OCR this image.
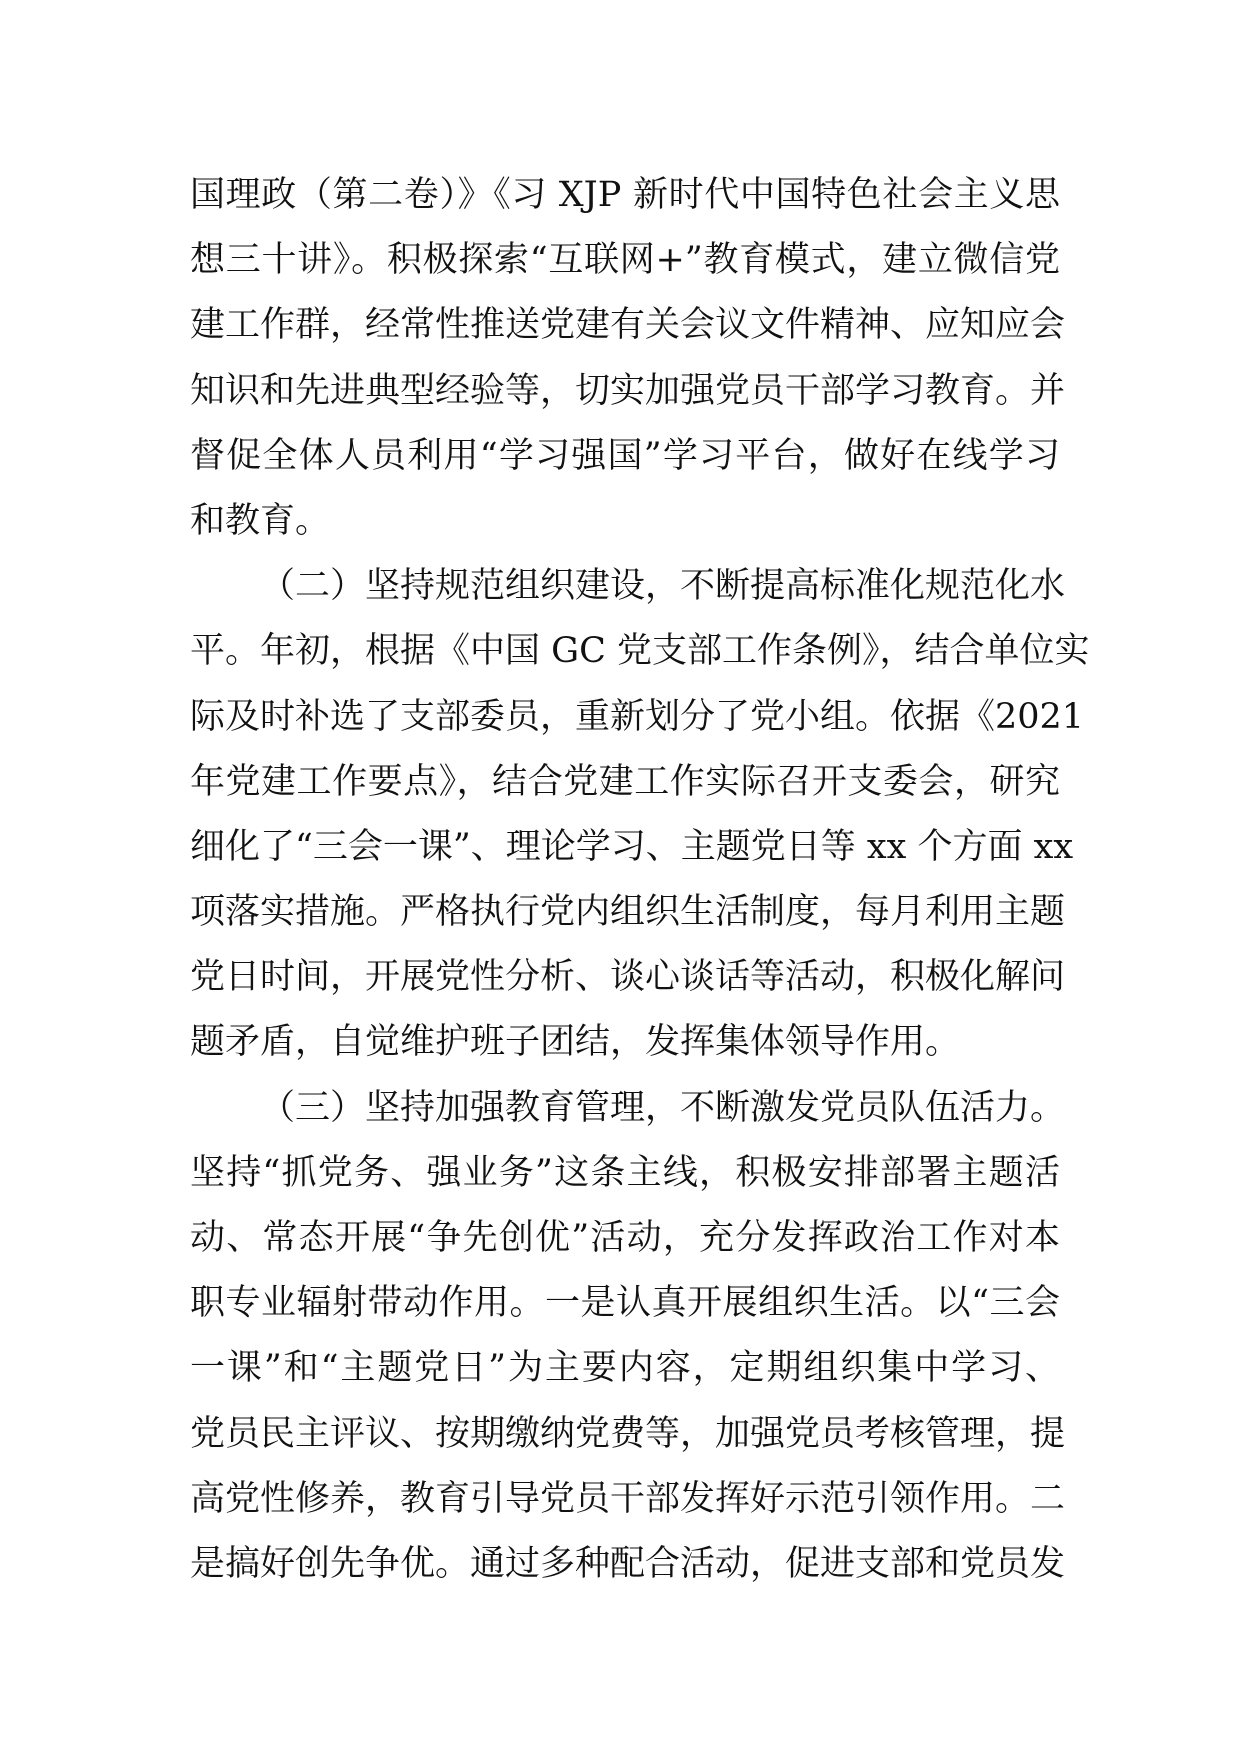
国理政（第二卷）》《习 XJP 新时代中国特色社会主义思
想三十讲》。积极探索“互联网+”教育模式，建立微信党
建工作群，经常性推送党建有关会议文件精神、应知应会
知识和先进典型经验等，切实加强党员干部学习教育。并
督促全体人员利用“学习强国”学习平台，做好在线学习
和教育。
（二）坚持规范组织建设，不断提高标准化规范化水
平。年初，根据《中国 GC 党支部工作条例》，结合单位实
际及时补选了支部委员，重新划分了党小组。依据《2021
年党建工作要点》，结合党建工作实际召开支委会，研究
细化了“三会一课”、理论学习、主题党日等 xx 个方面 xx
项落实措施。严格执行党内组织生活制度，每月利用主题
党日时间，开展党性分析、谈心谈话等活动，积极化解问
题矛盾，自觉维护班子团结，发挥集体领导作用。
（三）坚持加强教育管理，不断激发党员队伍活力。
坚持“抓党务、强业务”这条主线，积极安排部署主题活
动、常态开展“争先创优”活动，充分发挥政治工作对本
职专业辐射带动作用。一是认真开展组织生活。以“三会
一课”和“主题党日”为主要内容，定期组织集中学习、
党员民主评议、按期缴纳党费等，加强党员考核管理，提
高党性修养，教育引导党员干部发挥好示范引领作用。二
是搞好创先争优。通过多种配合活动，促进支部和党员发
